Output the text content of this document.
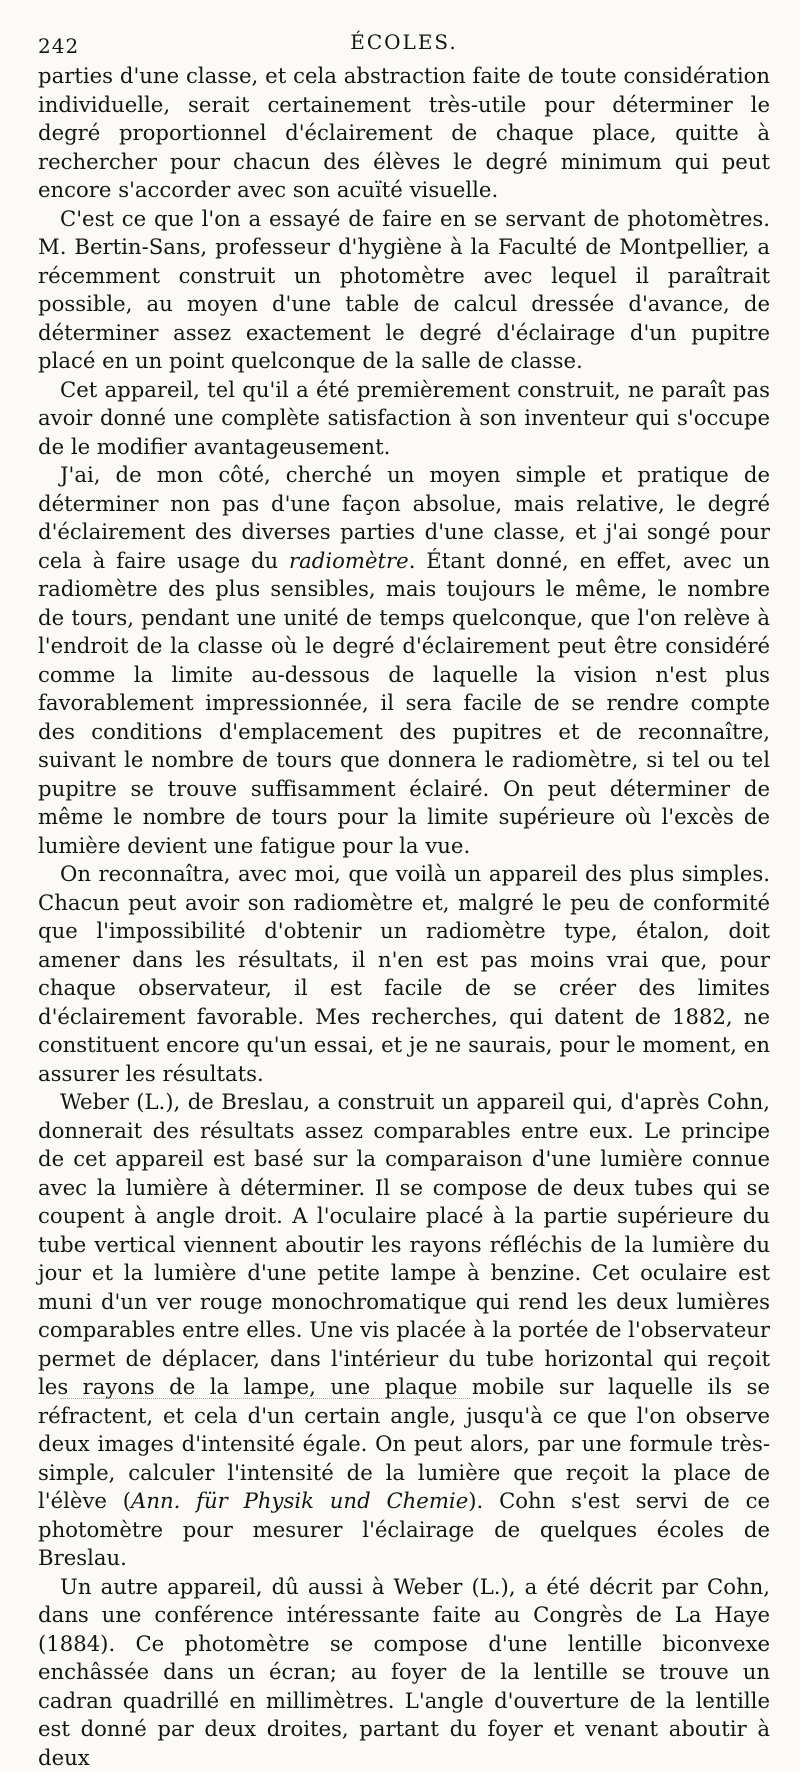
242	ÉCOLES.

parties d'une classe, et cela abstraction faite de toute considération individuelle, serait certainement très-utile pour déterminer le degré proportionnel d'éclairement de chaque place, quitte à rechercher pour chacun des élèves le degré minimum qui peut encore s'accorder avec son acuïté visuelle.

C'est ce que l'on a essayé de faire en se servant de photomètres. M. Bertin-Sans, professeur d'hygiène à la Faculté de Montpellier, a récemment construit un photomètre avec lequel il paraîtrait possible, au moyen d'une table de calcul dressée d'avance, de déterminer assez exactement le degré d'éclairage d'un pupitre placé en un point quelconque de la salle de classe.

Cet appareil, tel qu'il a été premièrement construit, ne paraît pas avoir donné une complète satisfaction à son inventeur qui s'occupe de le modifier avantageusement.

J'ai, de mon côté, cherché un moyen simple et pratique de déterminer non pas d'une façon absolue, mais relative, le degré d'éclairement des diverses parties d'une classe, et j'ai songé pour cela à faire usage du radiomètre. Étant donné, en effet, avec un radiomètre des plus sensibles, mais toujours le même, le nombre de tours, pendant une unité de temps quelconque, que l'on relève à l'endroit de la classe où le degré d'éclairement peut être considéré comme la limite au-dessous de laquelle la vision n'est plus favorablement impressionnée, il sera facile de se rendre compte des conditions d'emplacement des pupitres et de reconnaître, suivant le nombre de tours que donnera le radiomètre, si tel ou tel pupitre se trouve suffisamment éclairé. On peut déterminer de même le nombre de tours pour la limite supérieure où l'excès de lumière devient une fatigue pour la vue.

On reconnaîtra, avec moi, que voilà un appareil des plus simples. Chacun peut avoir son radiomètre et, malgré le peu de conformité que l'impossibilité d'obtenir un radiomètre type, étalon, doit amener dans les résultats, il n'en est pas moins vrai que, pour chaque observateur, il est facile de se créer des limites d'éclairement favorable. Mes recherches, qui datent de 1882, ne constituent encore qu'un essai, et je ne saurais, pour le moment, en assurer les résultats.

Weber (L.), de Breslau, a construit un appareil qui, d'après Cohn, donnerait des résultats assez comparables entre eux. Le principe de cet appareil est basé sur la comparaison d'une lumière connue avec la lumière à déterminer. Il se compose de deux tubes qui se coupent à angle droit. A l'oculaire placé à la partie supérieure du tube vertical viennent aboutir les rayons réfléchis de la lumière du jour et la lumière d'une petite lampe à benzine. Cet oculaire est muni d'un ver rouge monochromatique qui rend les deux lumières comparables entre elles. Une vis placée à la portée de l'observateur permet de déplacer, dans l'intérieur du tube horizontal qui reçoit les rayons de la lampe, une plaque mobile sur laquelle ils se réfractent, et cela d'un certain angle, jusqu'à ce que l'on observe deux images d'intensité égale. On peut alors, par une formule très-simple, calculer l'intensité de la lumière que reçoit la place de l'élève (Ann. für Physik und Chemie). Cohn s'est servi de ce photomètre pour mesurer l'éclairage de quelques écoles de Breslau.

Un autre appareil, dû aussi à Weber (L.), a été décrit par Cohn, dans une conférence intéressante faite au Congrès de La Haye (1884). Ce photomètre se compose d'une lentille biconvexe enchâssée dans un écran; au foyer de la lentille se trouve un cadran quadrillé en millimètres. L'angle d'ouverture de la lentille est donné par deux droites, partant du foyer et venant aboutir à deux
